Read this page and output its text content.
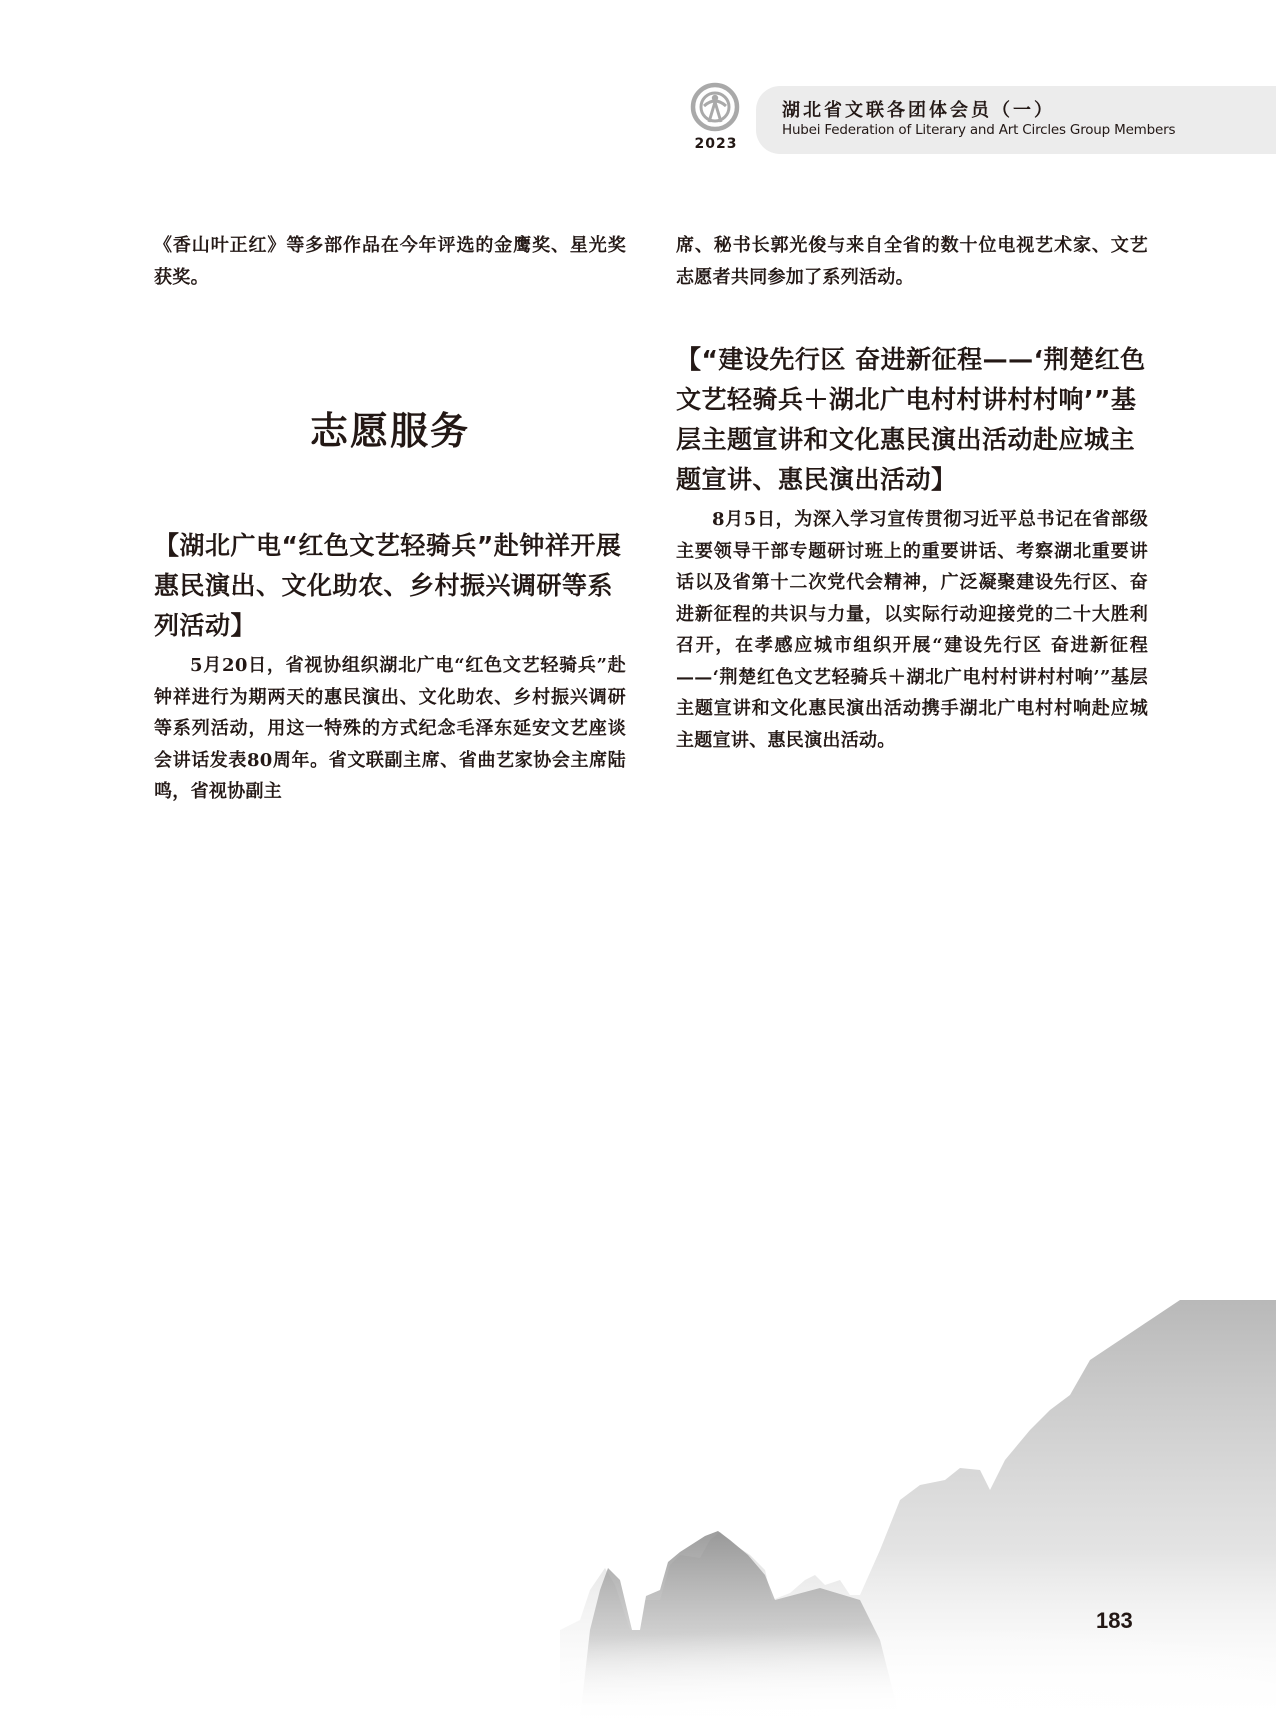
2023
湖北省文联各团体会员（一）
Hubei Federation of Literary and Art Circles Group Members

《香山叶正红》等多部作品在今年评选的金鹰奖、星光奖获奖。

志愿服务
【湖北广电“红色文艺轻骑兵”赴钟祥开展惠民演出、文化助农、乡村振兴调研等系列活动】

5月20日，省视协组织湖北广电“红色文艺轻骑兵”赴钟祥进行为期两天的惠民演出、文化助农、乡村振兴调研等系列活动，用这一特殊的方式纪念毛泽东延安文艺座谈会讲话发表80周年。省文联副主席、省曲艺家协会主席陆鸣，省视协副主

席、秘书长郭光俊与来自全省的数十位电视艺术家、文艺志愿者共同参加了系列活动。

【“建设先行区 奋进新征程——‘荆楚红色文艺轻骑兵＋湖北广电村村讲村村响’”基层主题宣讲和文化惠民演出活动赴应城主题宣讲、惠民演出活动】

8月5日，为深入学习宣传贯彻习近平总书记在省部级主要领导干部专题研讨班上的重要讲话、考察湖北重要讲话以及省第十二次党代会精神，广泛凝聚建设先行区、奋进新征程的共识与力量，以实际行动迎接党的二十大胜利召开，在孝感应城市组织开展“建设先行区 奋进新征程——‘荆楚红色文艺轻骑兵＋湖北广电村村讲村村响’”基层主题宣讲和文化惠民演出活动携手湖北广电村村响赴应城主题宣讲、惠民演出活动。

183
